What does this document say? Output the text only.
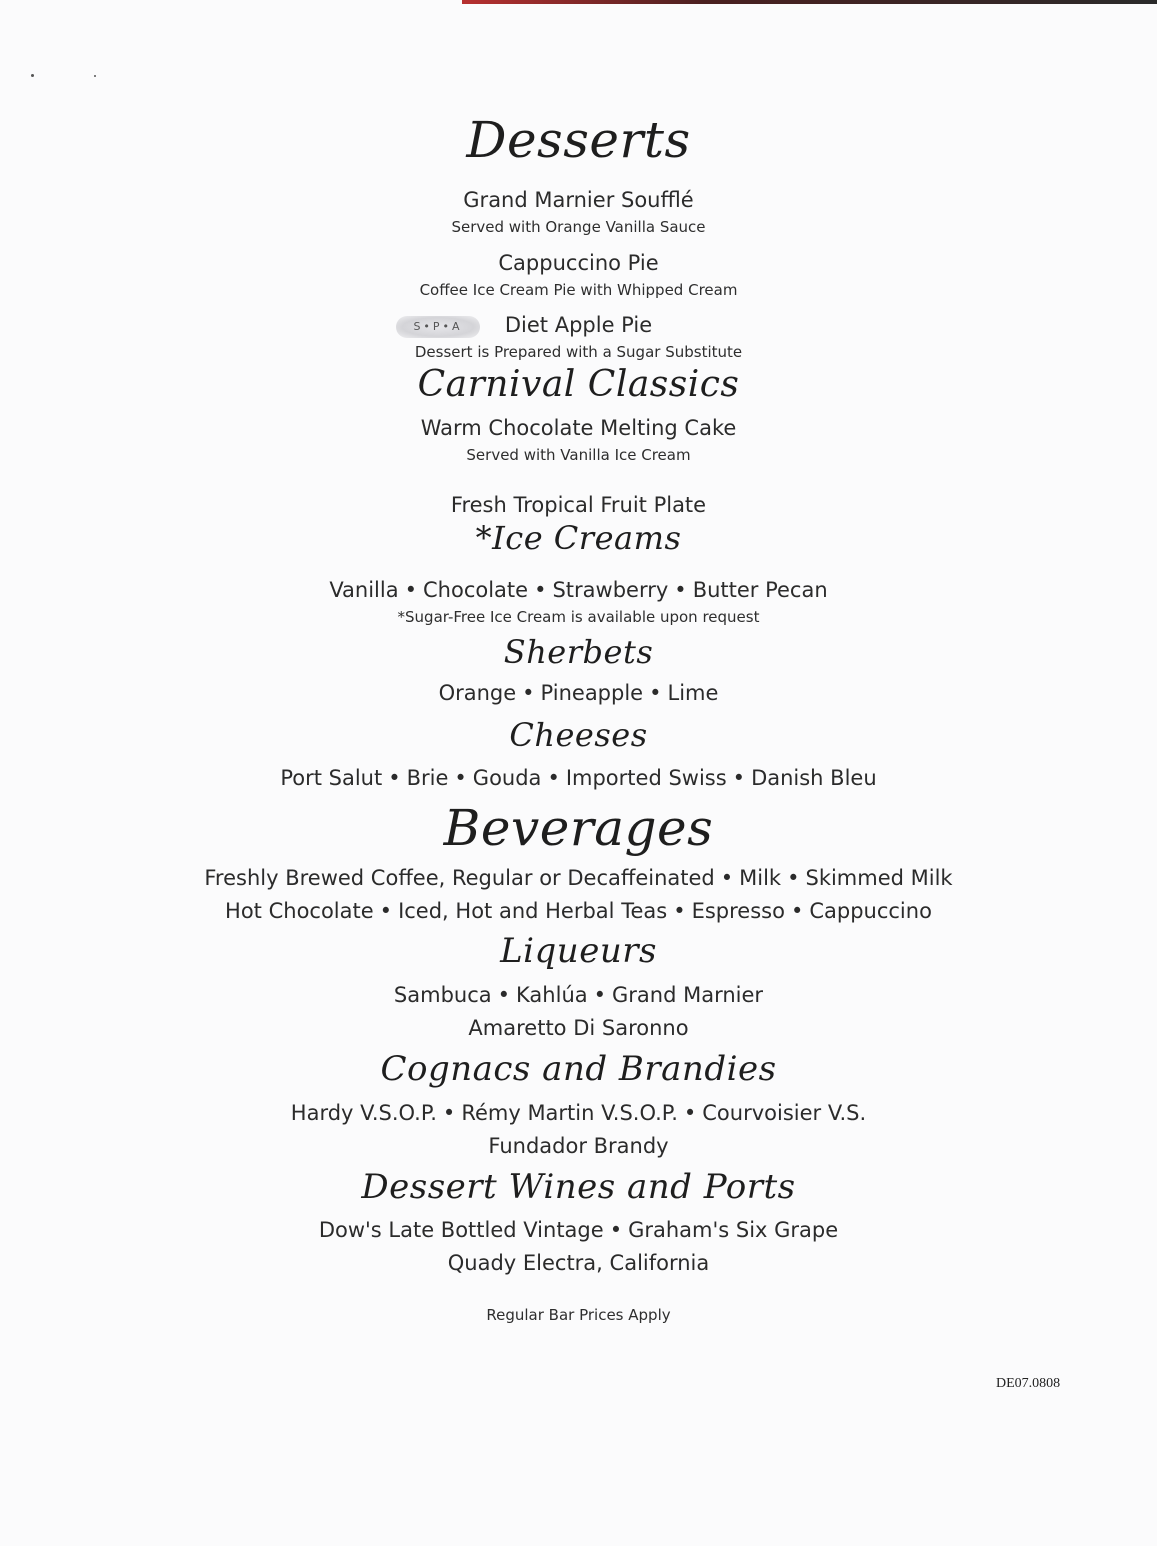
Desserts
Grand Marnier Soufflé
Served with Orange Vanilla Sauce
Cappuccino Pie
Coffee Ice Cream Pie with Whipped Cream
S•P•A	Diet Apple Pie
Dessert is Prepared with a Sugar Substitute
Carnival Classics
Warm Chocolate Melting Cake
Served with Vanilla Ice Cream
Fresh Tropical Fruit Plate
*Ice Creams
Vanilla • Chocolate • Strawberry • Butter Pecan
*Sugar-Free Ice Cream is available upon request
Sherbets
Orange • Pineapple • Lime
Cheeses
Port Salut • Brie • Gouda • Imported Swiss • Danish Bleu
Beverages
Freshly Brewed Coffee, Regular or Decaffeinated • Milk • Skimmed Milk
Hot Chocolate • Iced, Hot and Herbal Teas • Espresso • Cappuccino
Liqueurs
Sambuca • Kahlúa • Grand Marnier
Amaretto Di Saronno
Cognacs and Brandies
Hardy V.S.O.P. • Rémy Martin V.S.O.P. • Courvoisier V.S.
Fundador Brandy
Dessert Wines and Ports
Dow's Late Bottled Vintage • Graham's Six Grape
Quady Electra, California
Regular Bar Prices Apply
DE07.0808
